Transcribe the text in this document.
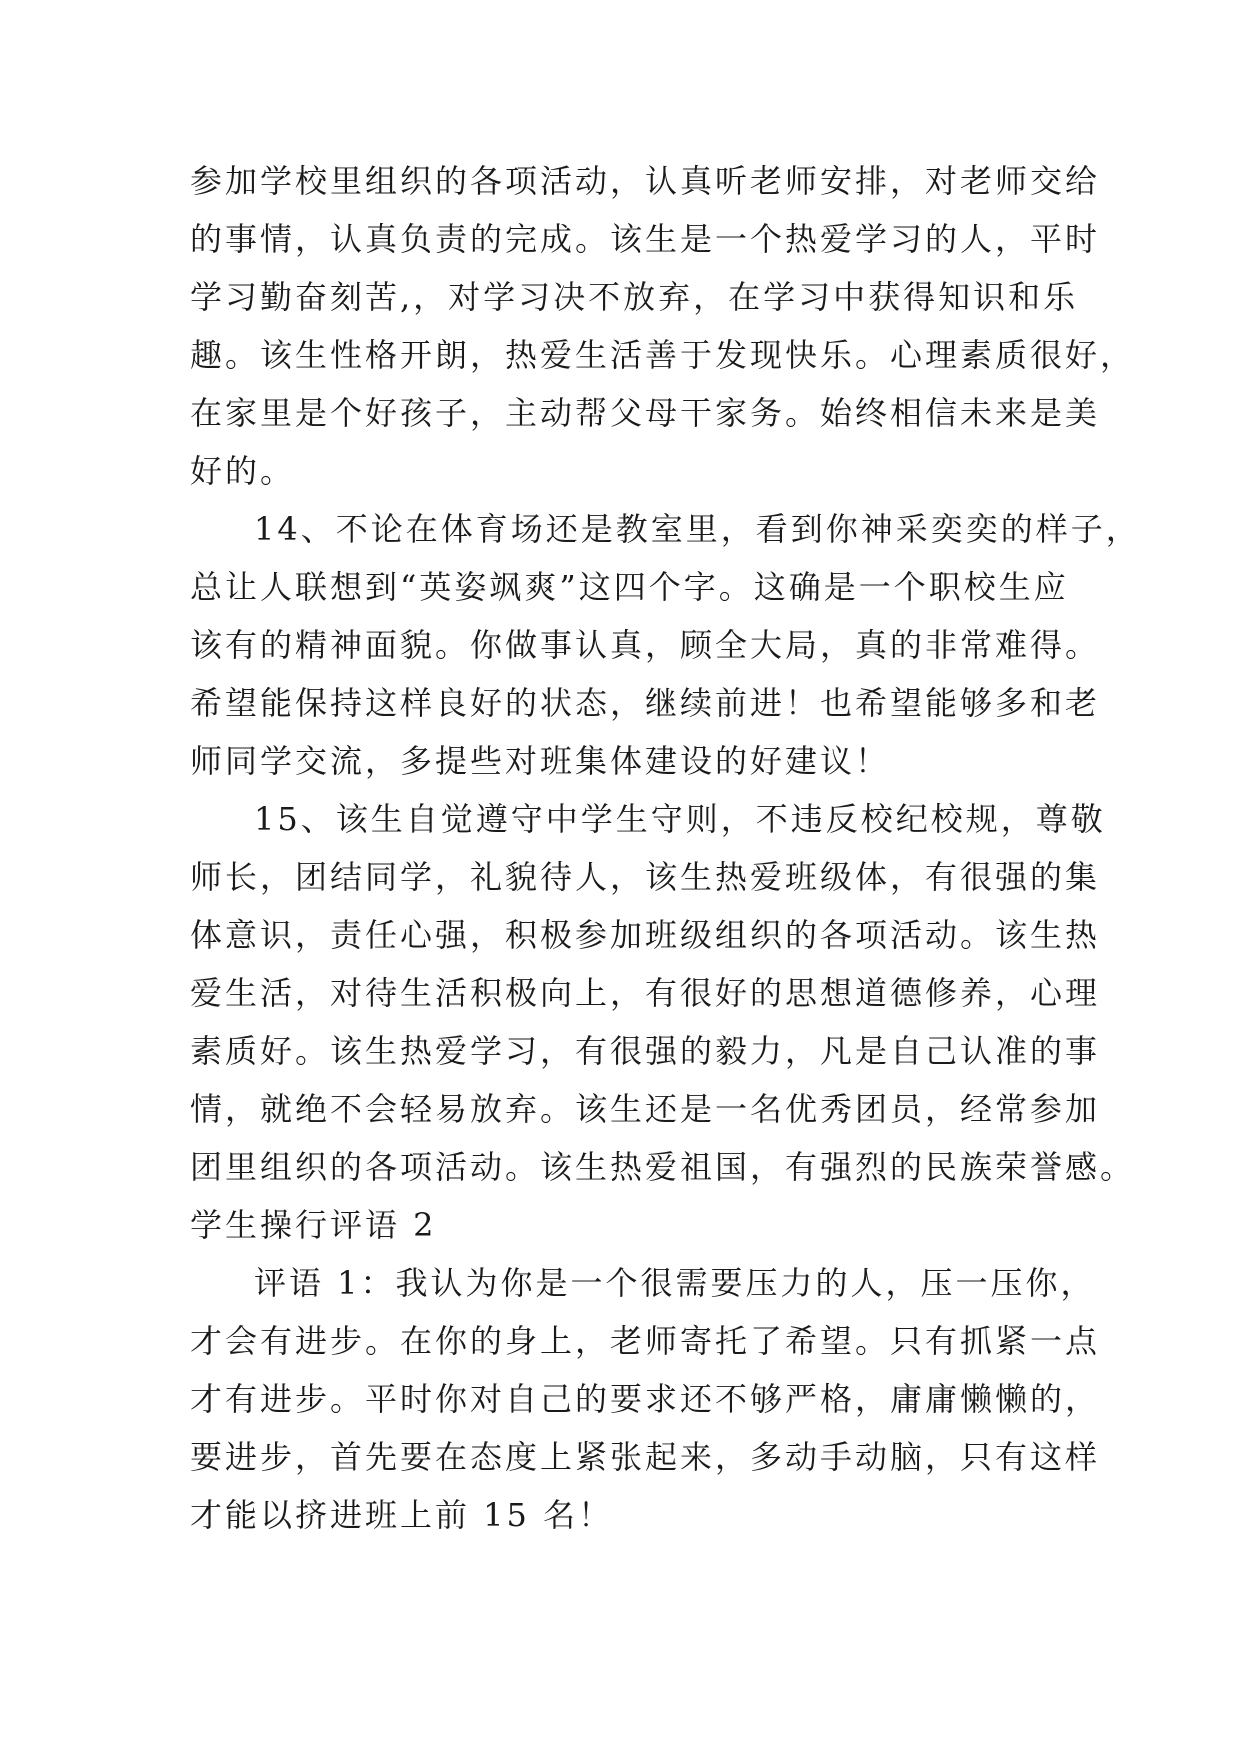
参加学校里组织的各项活动，认真听老师安排，对老师交给
的事情，认真负责的完成。该生是一个热爱学习的人，平时
学习勤奋刻苦,，对学习决不放弃，在学习中获得知识和乐
趣。该生性格开朗，热爱生活善于发现快乐。心理素质很好，
在家里是个好孩子，主动帮父母干家务。始终相信未来是美
好的。
14、不论在体育场还是教室里，看到你神采奕奕的样子，
总让人联想到“英姿飒爽”这四个字。这确是一个职校生应
该有的精神面貌。你做事认真，顾全大局，真的非常难得。
希望能保持这样良好的状态，继续前进！也希望能够多和老
师同学交流，多提些对班集体建设的好建议！
15、该生自觉遵守中学生守则，不违反校纪校规，尊敬
师长，团结同学，礼貌待人，该生热爱班级体，有很强的集
体意识，责任心强，积极参加班级组织的各项活动。该生热
爱生活，对待生活积极向上，有很好的思想道德修养，心理
素质好。该生热爱学习，有很强的毅力，凡是自己认准的事
情，就绝不会轻易放弃。该生还是一名优秀团员，经常参加
团里组织的各项活动。该生热爱祖国，有强烈的民族荣誉感。
学生操行评语 2
评语 1：我认为你是一个很需要压力的人，压一压你，
才会有进步。在你的身上，老师寄托了希望。只有抓紧一点
才有进步。平时你对自己的要求还不够严格，庸庸懒懒的，
要进步，首先要在态度上紧张起来，多动手动脑，只有这样
才能以挤进班上前 15 名！
